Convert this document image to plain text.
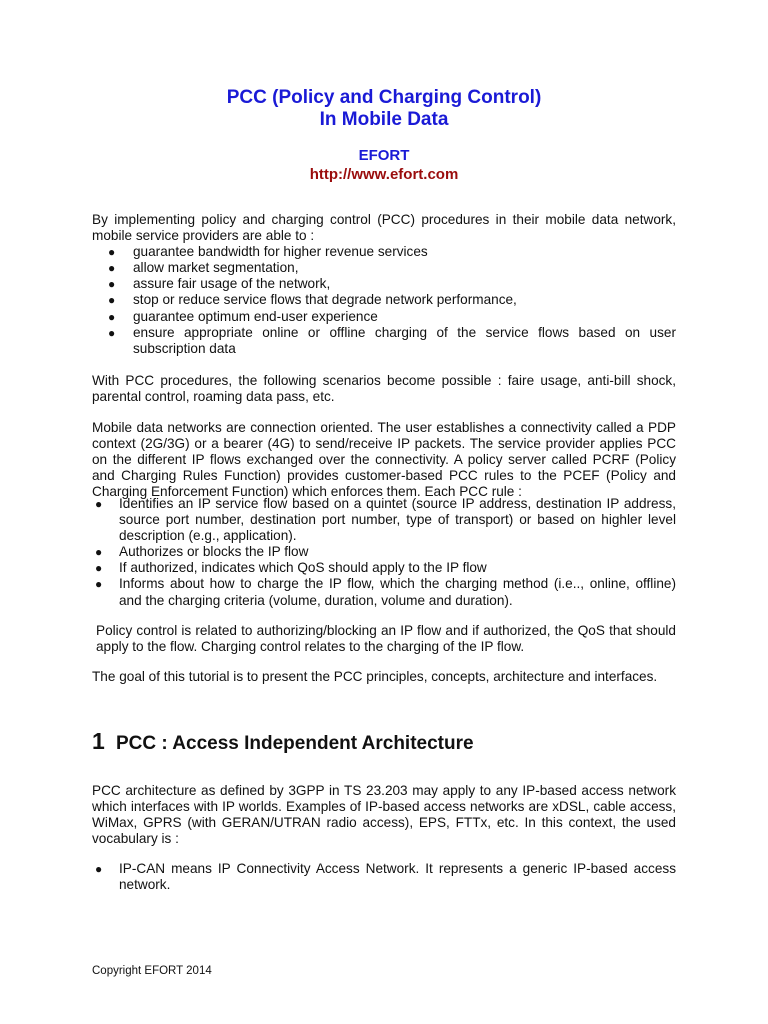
PCC (Policy and Charging Control)
In Mobile Data
EFORT
http://www.efort.com

By implementing policy and charging control (PCC) procedures in their mobile data network, mobile service providers are able to :

● guarantee bandwidth for higher revenue services
● allow market segmentation,
● assure fair usage of the network,
● stop or reduce service flows that degrade network performance,
● guarantee optimum end-user experience
● ensure appropriate online or offline charging of the service flows based on user subscription data

With PCC procedures, the following scenarios become possible : faire usage, anti-bill shock, parental control, roaming data pass, etc.

Mobile data networks are connection oriented. The user establishes a connectivity called a PDP context (2G/3G) or a bearer (4G) to send/receive IP packets. The service provider applies PCC on the different IP flows exchanged over the connectivity. A policy server called PCRF (Policy and Charging Rules Function) provides customer-based PCC rules to the PCEF (Policy and Charging Enforcement Function) which enforces them. Each PCC rule :

● Identifies an IP service flow based on a quintet (source IP address, destination IP address, source port number, destination port number, type of transport) or based on highler level description (e.g., application).
● Authorizes or blocks the IP flow
● If authorized, indicates which QoS should apply to the IP flow
● Informs about how to charge the IP flow, which the charging method (i.e.., online, offline) and the charging criteria (volume, duration, volume and duration).

Policy control is related to authorizing/blocking an IP flow and if authorized, the QoS that should apply to the flow. Charging control relates to the charging of the IP flow.

The goal of this tutorial is to present the PCC principles, concepts, architecture and interfaces.

1 PCC : Access Independent Architecture

PCC architecture as defined by 3GPP in TS 23.203 may apply to any IP-based access network which interfaces with IP worlds. Examples of IP-based access networks are xDSL, cable access, WiMax, GPRS (with GERAN/UTRAN radio access), EPS, FTTx, etc. In this context, the used vocabulary is :

● IP-CAN means IP Connectivity Access Network. It represents a generic IP-based access network.
Copyright EFORT 2014
